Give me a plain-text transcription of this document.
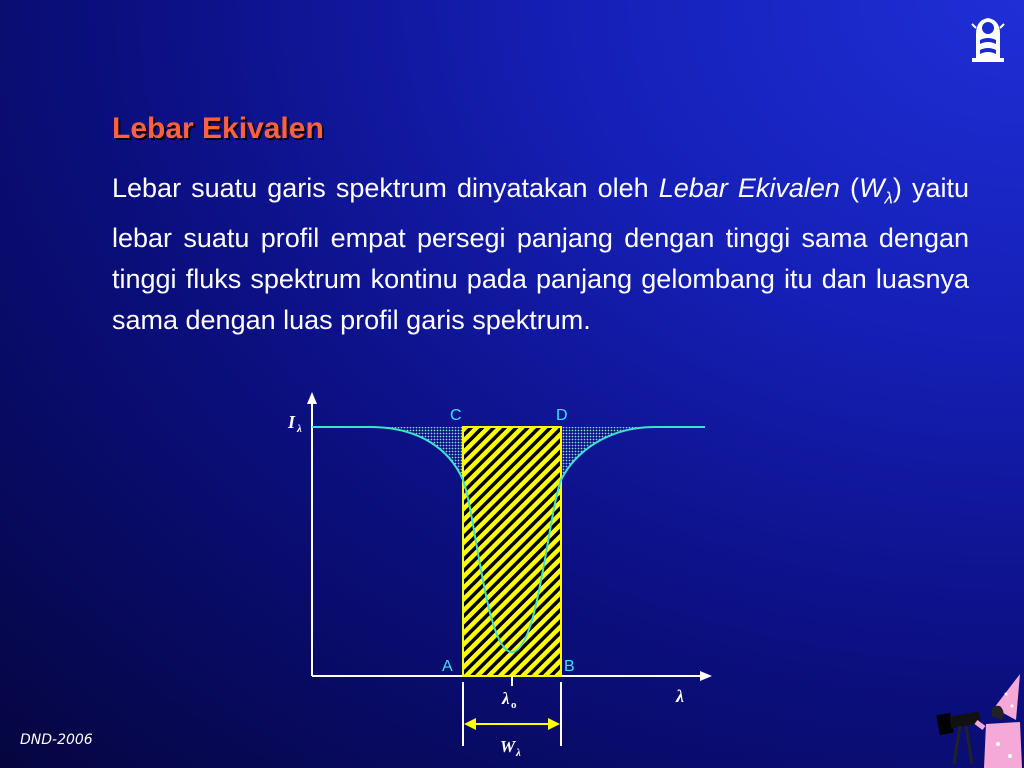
Lebar Ekivalen

Lebar suatu garis spektrum dinyatakan oleh Lebar Ekivalen $(W_\lambda)$ yaitu lebar suatu profil empat persegi panjang dengan tinggi sama dengan tinggi fluks spektrum kontinu pada panjang gelombang itu dan luasnya sama dengan luas profil garis spektrum.

I λ
C	D
A	B
λ o	λ
W λ

DND-2006
